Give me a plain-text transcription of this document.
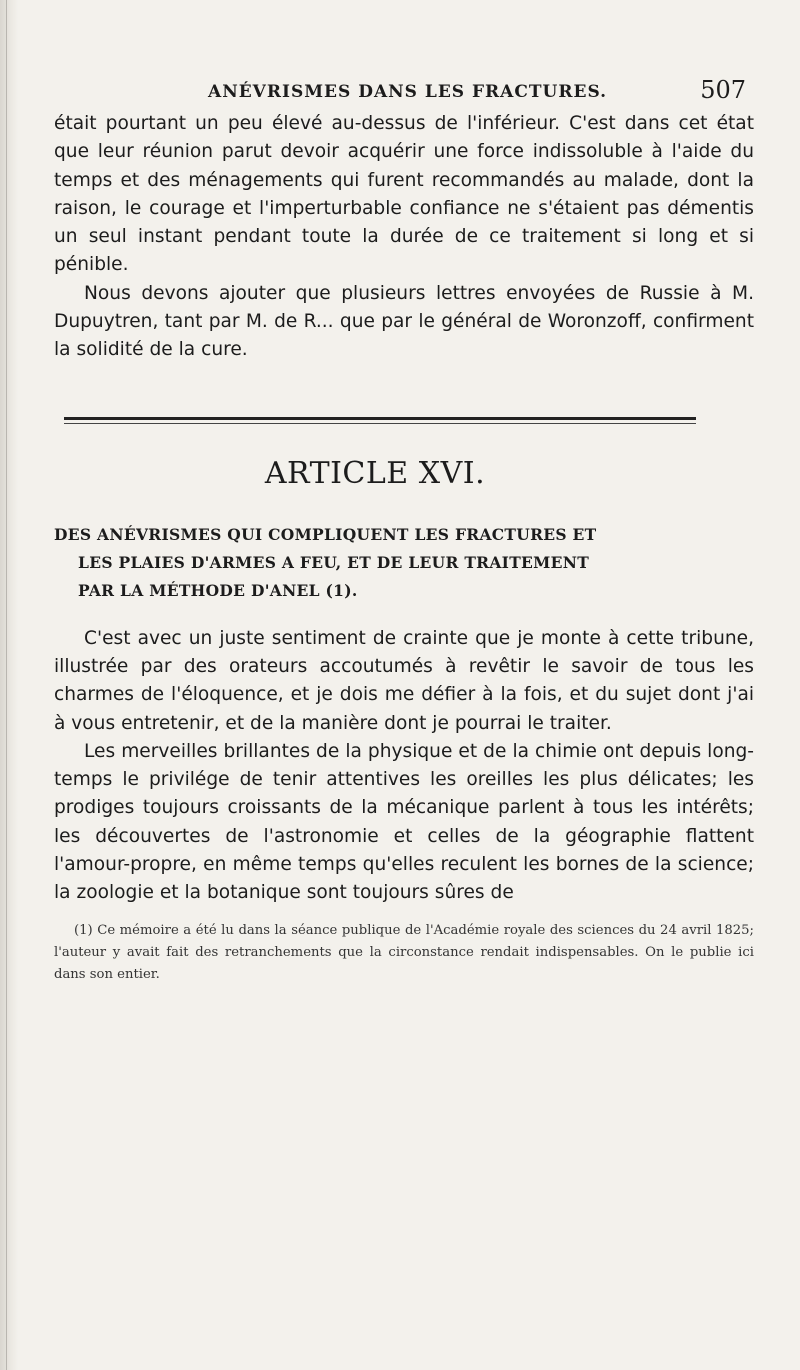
ANÉVRISMES DANS LES FRACTURES.	507

était pourtant un peu élevé au-dessus de l'inférieur. C'est dans cet état que leur réunion parut devoir acquérir une force indissoluble à l'aide du temps et des ménagements qui furent recommandés au malade, dont la raison, le courage et l'imperturbable confiance ne s'étaient pas démentis un seul instant pendant toute la durée de ce traitement si long et si pénible.

Nous devons ajouter que plusieurs lettres envoyées de Russie à M. Dupuytren, tant par M. de R... que par le général de Woronzoff, confirment la solidité de la cure.

ARTICLE XVI.
DES ANÉVRISMES QUI COMPLIQUENT LES FRACTURES ET
LES PLAIES D'ARMES A FEU, ET DE LEUR TRAITEMENT
PAR LA MÉTHODE D'ANEL (1).

C'est avec un juste sentiment de crainte que je monte à cette tribune, illustrée par des orateurs accoutumés à revêtir le savoir de tous les charmes de l'éloquence, et je dois me défier à la fois, et du sujet dont j'ai à vous entretenir, et de la manière dont je pourrai le traiter.

Les merveilles brillantes de la physique et de la chimie ont depuis long-temps le privilége de tenir attentives les oreilles les plus délicates; les prodiges toujours croissants de la mécanique parlent à tous les intérêts; les découvertes de l'astronomie et celles de la géographie flattent l'amour-propre, en même temps qu'elles reculent les bornes de la science; la zoologie et la botanique sont toujours sûres de

(1) Ce mémoire a été lu dans la séance publique de l'Académie royale des sciences du 24 avril 1825; l'auteur y avait fait des retranchements que la circonstance rendait indispensables. On le publie ici dans son entier.
